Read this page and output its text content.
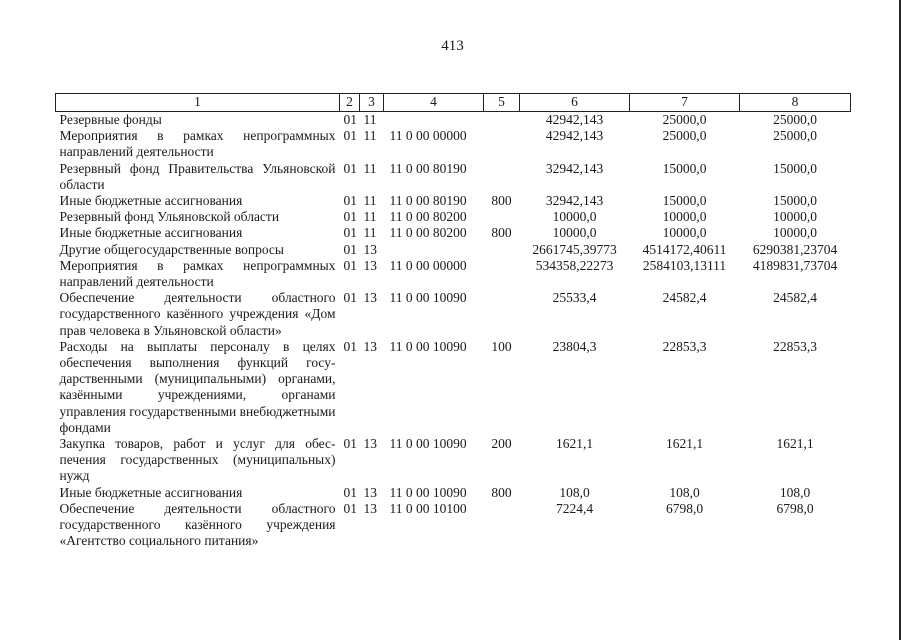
413
1	2	3	4	5	6	7	8
Резервные фонды	01	11			42942,143	25000,0	25000,0
Мероприятия в рамках непрограммных направлений деятельности	01	11	11 0 00 00000		42942,143	25000,0	25000,0
Резервный фонд Правительства Ульяновской области	01	11	11 0 00 80190		32942,143	15000,0	15000,0
Иные бюджетные ассигнования	01	11	11 0 00 80190	800	32942,143	15000,0	15000,0
Резервный фонд Ульяновской области	01	11	11 0 00 80200		10000,0	10000,0	10000,0
Иные бюджетные ассигнования	01	11	11 0 00 80200	800	10000,0	10000,0	10000,0
Другие общегосударственные вопросы	01	13			2661745,39773	4514172,40611	6290381,23704
Мероприятия в рамках непрограммных направлений деятельности	01	13	11 0 00 00000		534358,22273	2584103,13111	4189831,73704
Обеспечение деятельности областного государственного казённого учреждения «Дом прав человека в Ульяновской области»	01	13	11 0 00 10090		25533,4	24582,4	24582,4
Расходы на выплаты персоналу в целях обеспечения выполнения функций государственными (муниципальными) органами, казёнными учреждениями, органами управления государственными внебюджетными фондами	01	13	11 0 00 10090	100	23804,3	22853,3	22853,3
Закупка товаров, работ и услуг для обеспечения государственных (муниципальных) нужд	01	13	11 0 00 10090	200	1621,1	1621,1	1621,1
Иные бюджетные ассигнования	01	13	11 0 00 10090	800	108,0	108,0	108,0
Обеспечение деятельности областного государственного казённого учреждения «Агентство социального питания»	01	13	11 0 00 10100		7224,4	6798,0	6798,0
